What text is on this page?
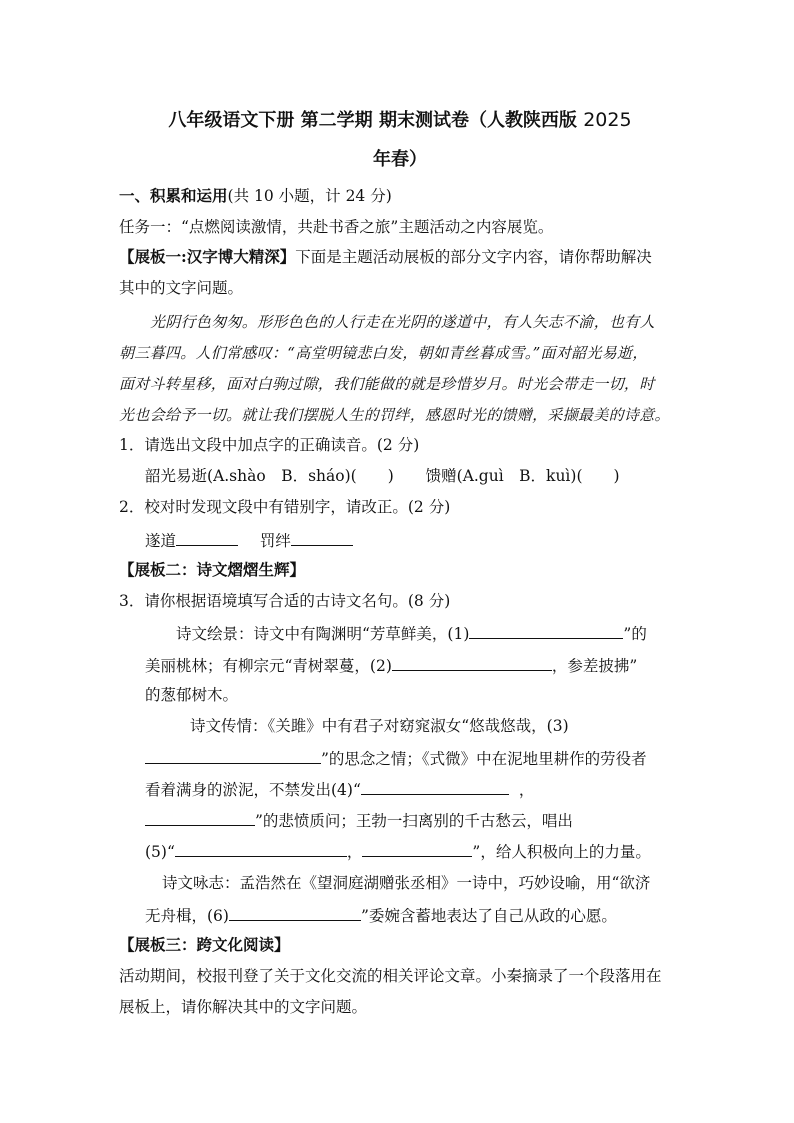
八年级语文下册 第二学期 期末测试卷（人教陕西版 2025
年春）
一、积累和运用(共 10 小题，计 24 分)
任务一：“点燃阅读激情，共赴书香之旅”主题活动之内容展览。
【展板一:汉字博大精深】下面是主题活动展板的部分文字内容，请你帮助解决
其中的文字问题。
光阴行色匆匆。形形色色的人行走在光阴的遂道中，有人矢志不渝，也有人
朝三暮四。人们常感叹：“高堂明镜悲白发，朝如青丝暮成雪。”面对韶光易逝，
面对斗转星移，面对白驹过隙，我们能做的就是珍惜岁月。时光会带走一切，时
光也会给予一切。就让我们摆脱人生的罚绊，感恩时光的馈赠，采撷最美的诗意。
1．请选出文段中加点字的正确读音。(2 分)
韶光易逝(A.shào　B．sháo)(　　) 馈赠(A.guì　B．kuì)(　　)
2．校对时发现文段中有错别字，请改正。(2 分)
遂道	罚绊
【展板二：诗文熠熠生辉】
3．请你根据语境填写合适的古诗文名句。(8 分)
诗文绘景：诗文中有陶渊明“芳草鲜美，(1)	”的
美丽桃林；有柳宗元“青树翠蔓，(2)	，参差披拂”
的葱郁树木。
诗文传情：《关雎》中有君子对窈窕淑女“悠哉悠哉，(3)
”的思念之情；《式微》中在泥地里耕作的劳役者
看着满身的淤泥，不禁发出(4)“	，
”的悲愤质问；王勃一扫离别的千古愁云，唱出
(5)“	，	”，给人积极向上的力量。
诗文咏志：孟浩然在《望洞庭湖赠张丞相》一诗中，巧妙设喻，用“欲济
无舟楫，(6)	”委婉含蓄地表达了自己从政的心愿。
【展板三：跨文化阅读】
活动期间，校报刊登了关于文化交流的相关评论文章。小秦摘录了一个段落用在
展板上，请你解决其中的文字问题。
